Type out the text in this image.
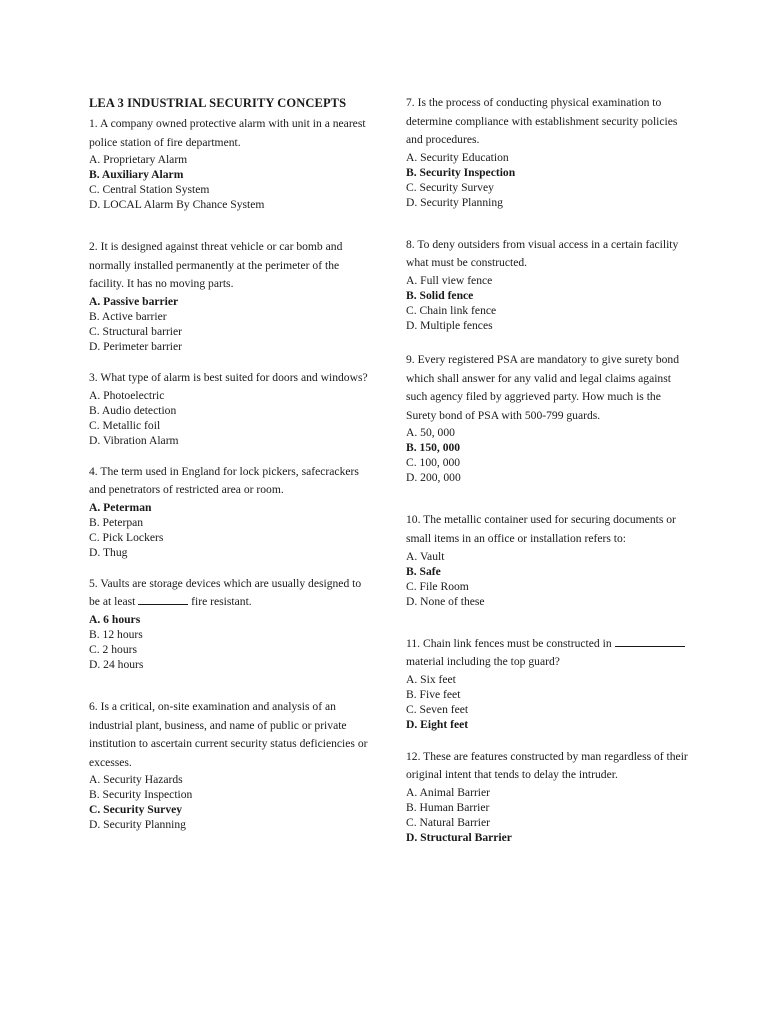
LEA 3 INDUSTRIAL SECURITY CONCEPTS

1. A company owned protective alarm with unit in a nearest police station of fire department.

A. Proprietary Alarm

B. Auxiliary Alarm

C. Central Station System

D. LOCAL Alarm By Chance System

2. It is designed against threat vehicle or car bomb and normally installed permanently at the perimeter of the facility. It has no moving parts.

A. Passive barrier

B. Active barrier

C. Structural barrier

D. Perimeter barrier

3. What type of alarm is best suited for doors and windows?

A. Photoelectric

B. Audio detection

C. Metallic foil

D. Vibration Alarm

4. The term used in England for lock pickers, safecrackers and penetrators of restricted area or room.

A. Peterman

B. Peterpan

C. Pick Lockers

D. Thug

5. Vaults are storage devices which are usually designed to be at least	fire resistant.

A. 6 hours

B. 12 hours

C. 2 hours

D. 24 hours

6. Is a critical, on-site examination and analysis of an industrial plant, business, and name of public or private institution to ascertain current security status deficiencies or excesses.

A. Security Hazards

B. Security Inspection

C. Security Survey

D. Security Planning

7. Is the process of conducting physical examination to determine compliance with establishment security policies and procedures.

A. Security Education

B. Security Inspection

C. Security Survey

D. Security Planning

8. To deny outsiders from visual access in a certain facility what must be constructed.

A. Full view fence

B. Solid fence

C. Chain link fence

D. Multiple fences

9. Every registered PSA are mandatory to give surety bond which shall answer for any valid and legal claims against such agency filed by aggrieved party. How much is the Surety bond of PSA with 500-799 guards.

A. 50, 000

B. 150, 000

C. 100, 000

D. 200, 000

10. The metallic container used for securing documents or small items in an office or installation refers to:

A. Vault

B. Safe

C. File Room

D. None of these

11. Chain link fences must be constructed in  material including the top guard?

A. Six feet

B. Five feet

C. Seven feet

D. Eight feet

12. These are features constructed by man regardless of their original intent that tends to delay the intruder.

A. Animal Barrier

B. Human Barrier

C. Natural Barrier

D. Structural Barrier
